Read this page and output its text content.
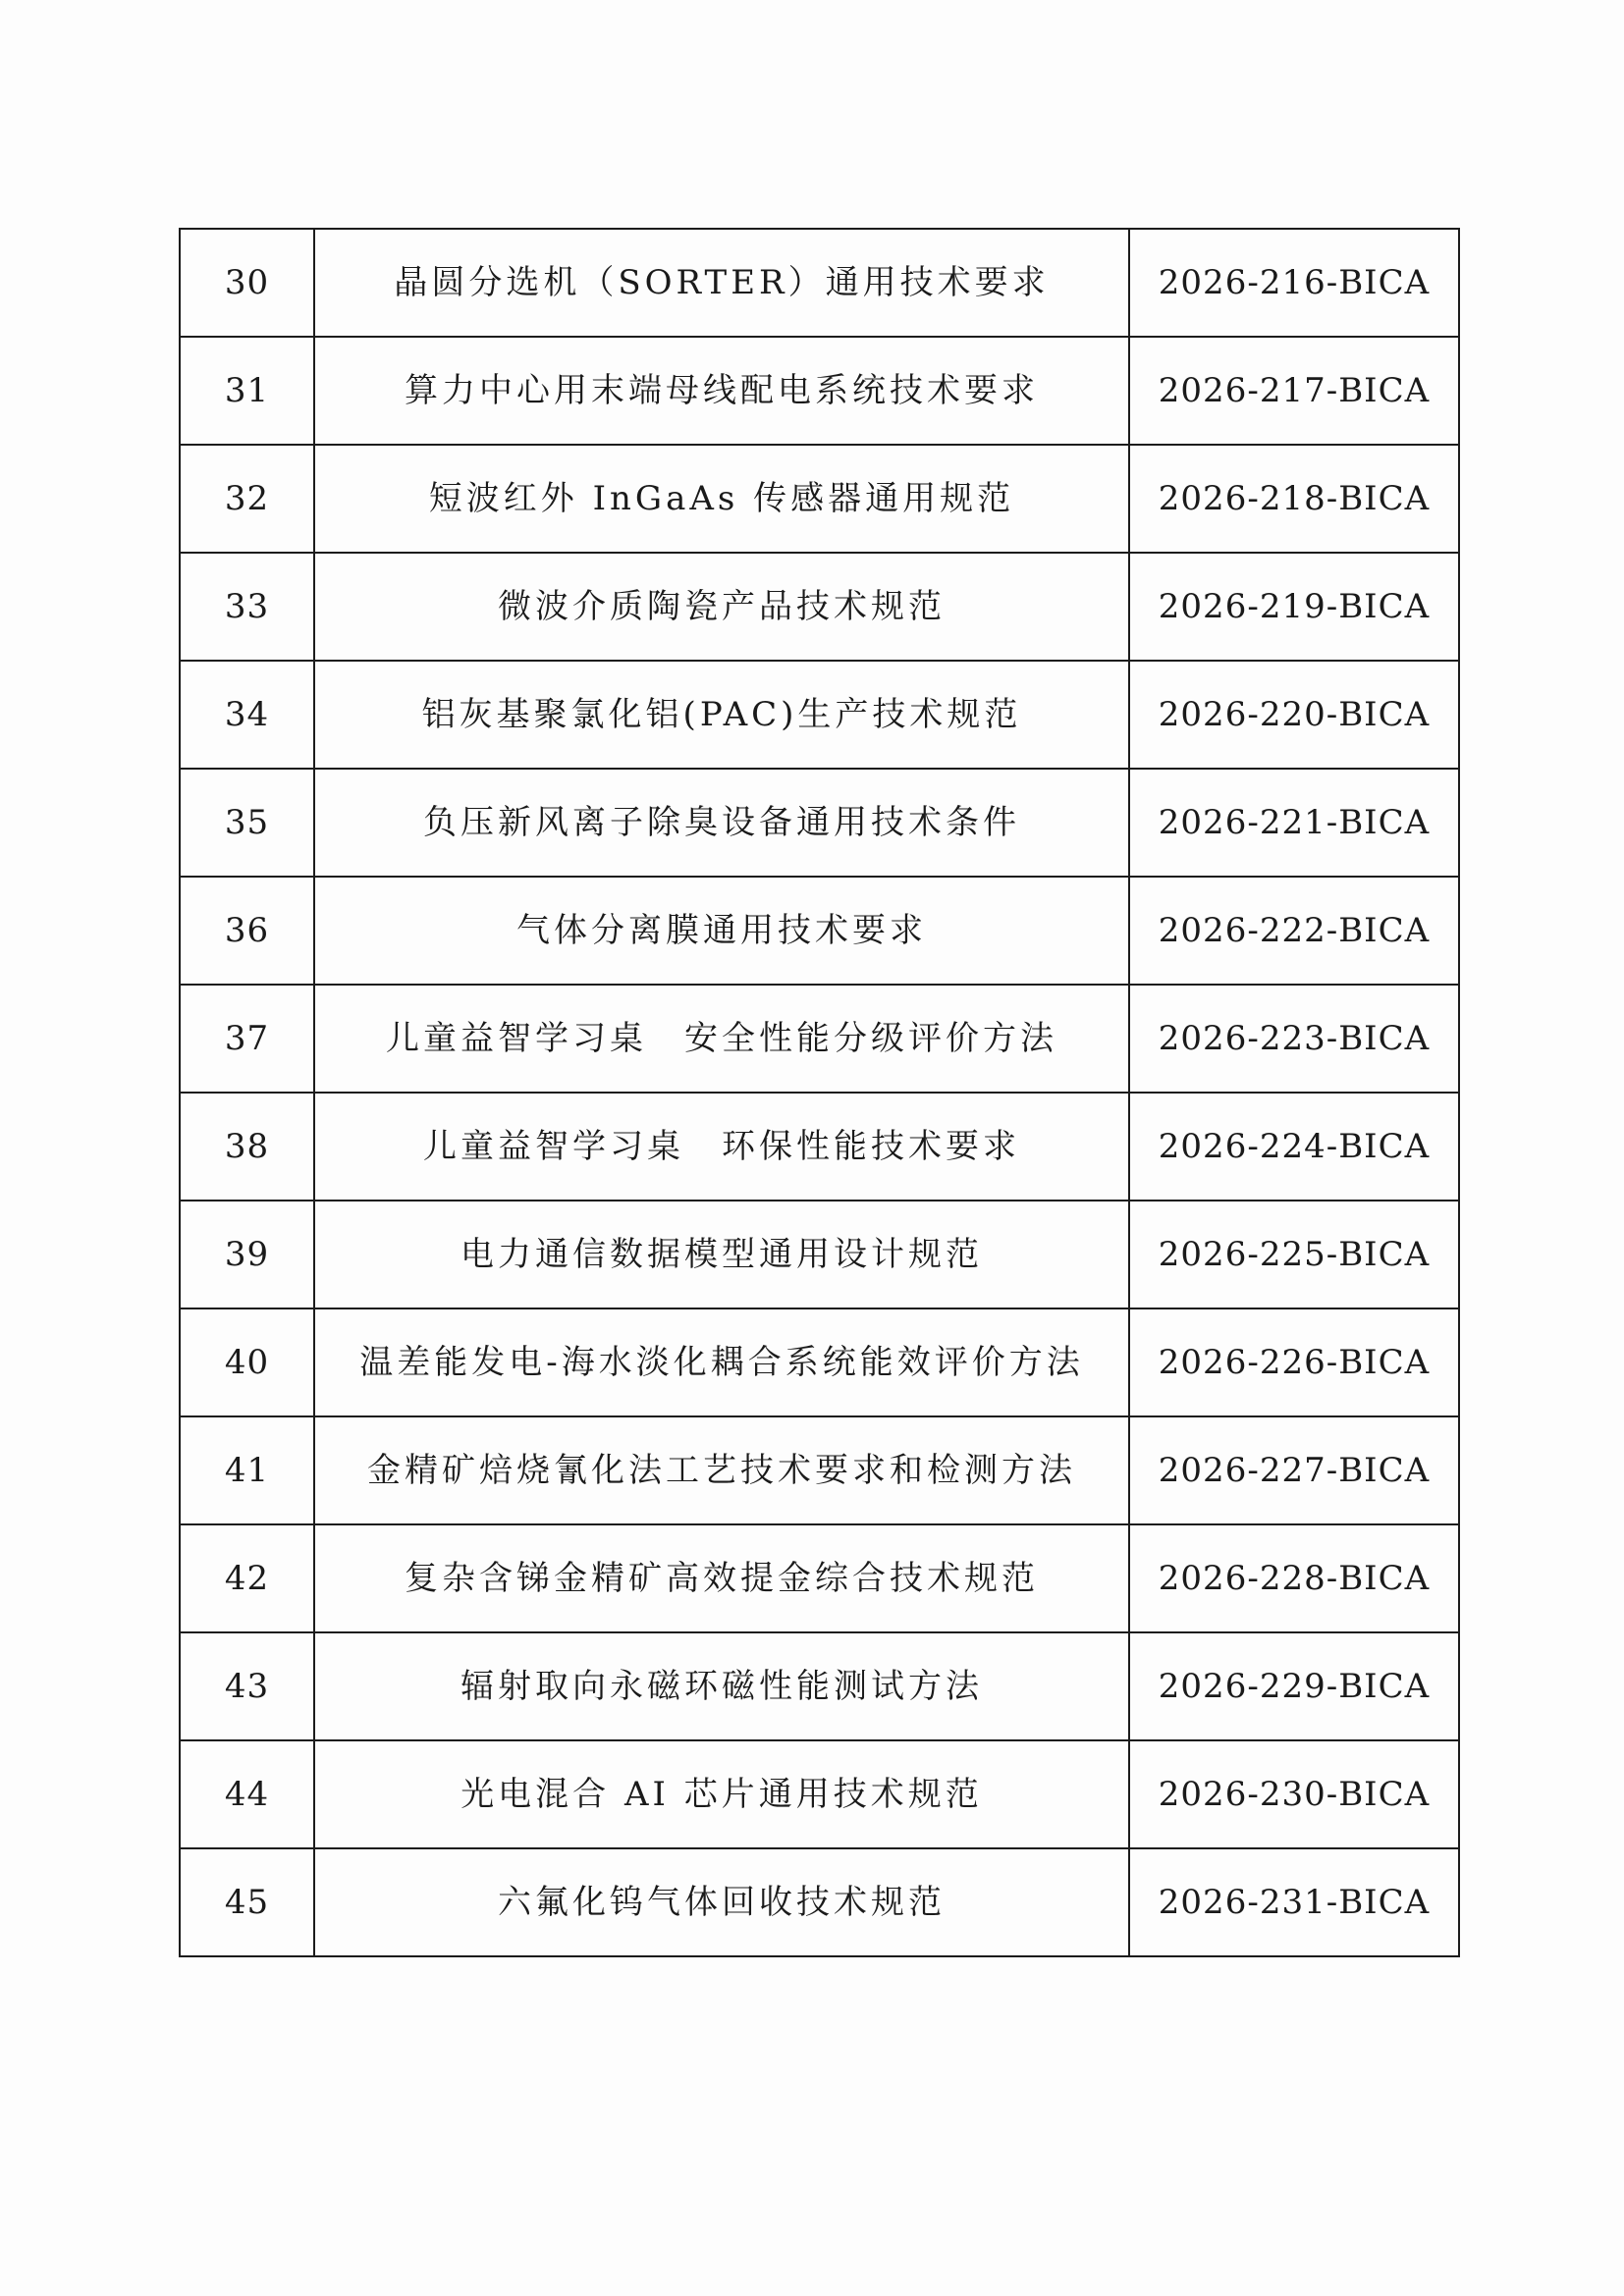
30	晶圆分选机（SORTER）通用技术要求	2026-216-BICA
31	算力中心用末端母线配电系统技术要求	2026-217-BICA
32	短波红外 InGaAs 传感器通用规范	2026-218-BICA
33	微波介质陶瓷产品技术规范	2026-219-BICA
34	铝灰基聚氯化铝(PAC)生产技术规范	2026-220-BICA
35	负压新风离子除臭设备通用技术条件	2026-221-BICA
36	气体分离膜通用技术要求	2026-222-BICA
37	儿童益智学习桌　安全性能分级评价方法	2026-223-BICA
38	儿童益智学习桌　环保性能技术要求	2026-224-BICA
39	电力通信数据模型通用设计规范	2026-225-BICA
40	温差能发电-海水淡化耦合系统能效评价方法	2026-226-BICA
41	金精矿焙烧氰化法工艺技术要求和检测方法	2026-227-BICA
42	复杂含锑金精矿高效提金综合技术规范	2026-228-BICA
43	辐射取向永磁环磁性能测试方法	2026-229-BICA
44	光电混合 AI 芯片通用技术规范	2026-230-BICA
45	六氟化钨气体回收技术规范	2026-231-BICA
